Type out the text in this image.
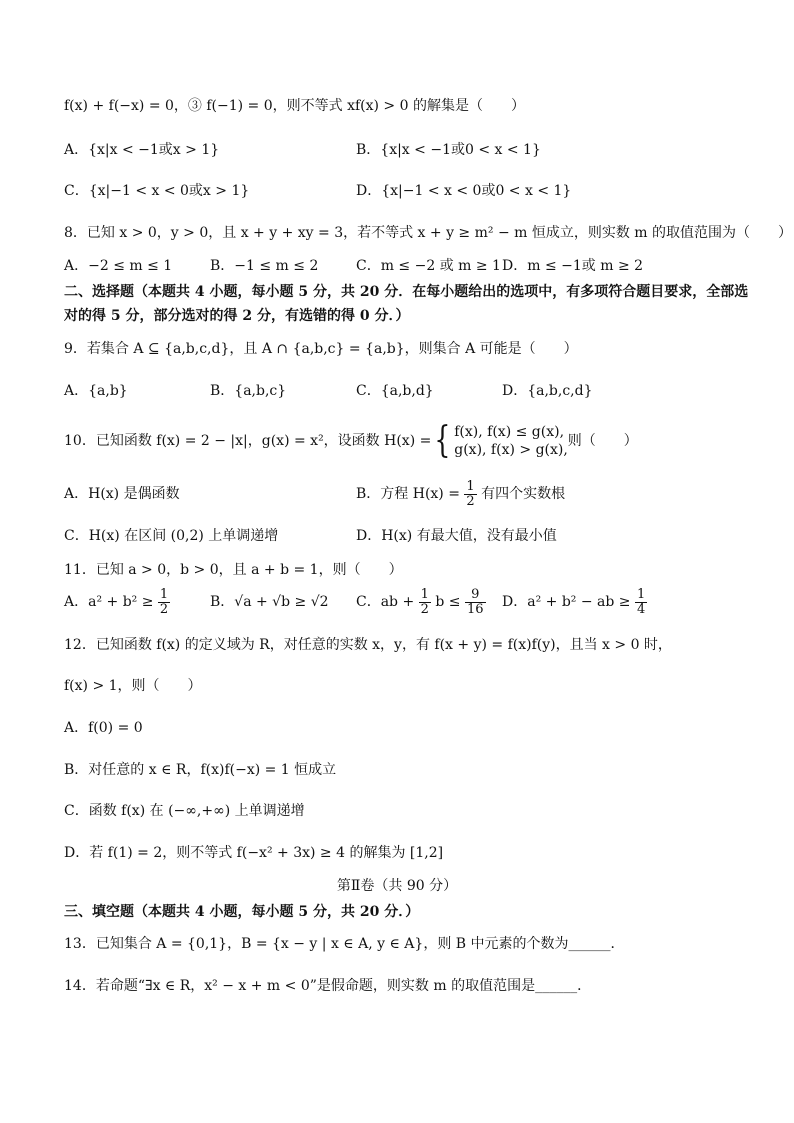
f(x) + f(−x) = 0，③ f(−1) = 0，则不等式 xf(x) > 0 的解集是（　　）
A．{x|x < −1或x > 1}	B．{x|x < −1或0 < x < 1}
C．{x|−1 < x < 0或x > 1}	D．{x|−1 < x < 0或0 < x < 1}
8．已知 x > 0，y > 0，且 x + y + xy = 3，若不等式 x + y ≥ m² − m 恒成立，则实数 m 的取值范围为（　　）
A．−2 ≤ m ≤ 1	B．−1 ≤ m ≤ 2	C．m ≤ −2 或 m ≥ 1 D．m ≤ −1或 m ≥ 2
二、选择题（本题共 4 小题，每小题 5 分，共 20 分．在每小题给出的选项中，有多项符合题目要求，全部选
对的得 5 分，部分选对的得 2 分，有选错的得 0 分．）
9．若集合 A ⊆ {a,b,c,d}，且 A ∩ {a,b,c} = {a,b}，则集合 A 可能是（　　）
A．{a,b}	B．{a,b,c}	C．{a,b,d}	D．{a,b,c,d}
10．已知函数 f(x) = 2 − |x|，g(x) = x²，设函数 H(x) ={ f(x), f(x) ≤ g(x),
g(x), f(x) > g(x),
则（　　）
A．H(x) 是偶函数	B．方程 $H(x) = \frac{1}{2}$ 有四个实数根
C．H(x) 在区间 (0,2) 上单调递增	D．H(x) 有最大值，没有最小值
11．已知 a > 0，b > 0，且 a + b = 1，则（　　）
A．$a^2 + b^2 \ge \frac{1}{2}$	B．√a + √b ≥ √2 C．ab + $\frac{1}{2}$ $b \le \frac{9}{16}$ D．a² + b² − ab ≥ $\frac{1}{4}$
12．已知函数 f(x) 的定义域为 R，对任意的实数 x，y，有 f(x + y) = f(x)f(y)，且当 x > 0 时，
f(x) > 1，则（　　）
A．f(0) = 0
B．对任意的 x ∈ R，f(x)f(−x) = 1 恒成立
C．函数 f(x) 在 (−∞,+∞) 上单调递增
D．若 f(1) = 2，则不等式 f(−x² + 3x) ≥ 4 的解集为 [1,2]
第Ⅱ卷（共 90 分）
三、填空题（本题共 4 小题，每小题 5 分，共 20 分．）
13．已知集合 A = {0,1}，B = {x − y | x ∈ A, y ∈ A}，则 B 中元素的个数为______．
14．若命题“∃x ∈ R，x² − x + m < 0”是假命题，则实数 m 的取值范围是______．
